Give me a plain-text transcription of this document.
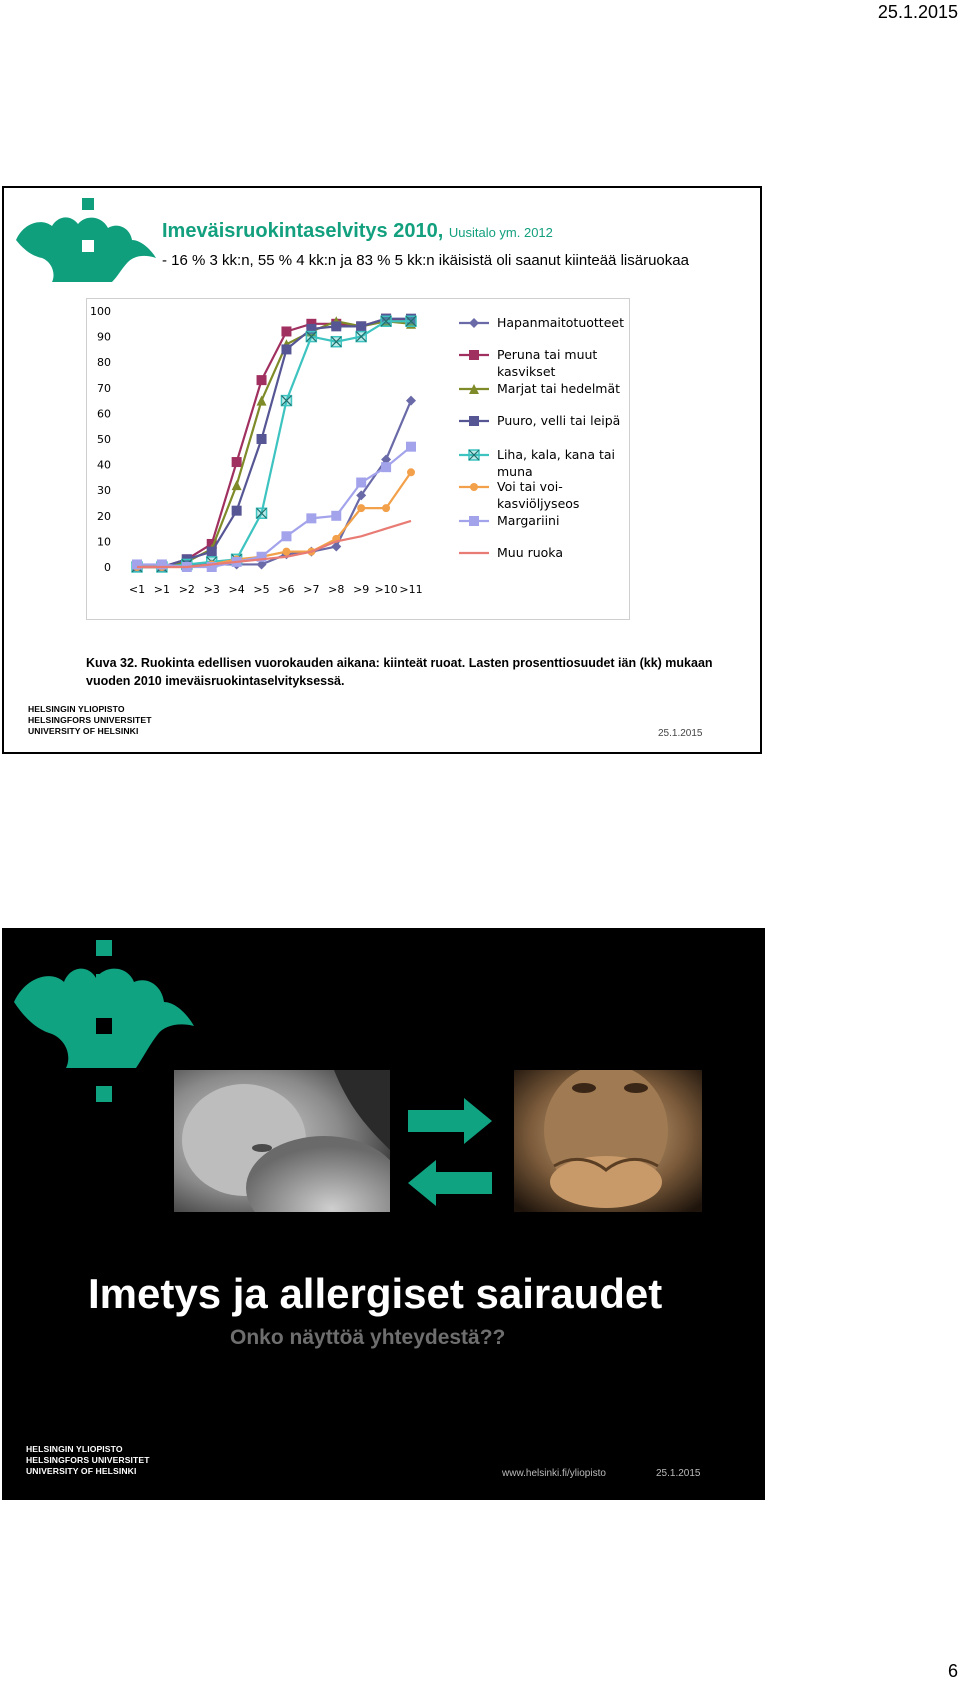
25.1.2015
Imeväisruokintaselvitys 2010, Uusitalo ym. 2012
- 16 % 3 kk:n, 55 % 4 kk:n ja 83 % 5 kk:n ikäisistä oli saanut kiinteää lisäruokaa
0
10
20
30
40
50
60
70
80
90
100
<1 >1 >2 >3 >4 >5 >6 >7 >8 >9 >10 >11
Hapanmaitotuotteet
Peruna tai muut
kasvikset
Marjat tai hedelmät
Puuro, velli tai leipä
Liha, kala, kana tai
muna
Voi tai voi-
kasviöljyseos
Margariini
Muu ruoka
Kuva 32. Ruokinta edellisen vuorokauden aikana: kiinteät ruoat. Lasten prosenttiosuudet iän (kk) mukaan
vuoden 2010 imeväisruokintaselvityksessä.
HELSINGIN YLIOPISTO
HELSINGFORS UNIVERSITET
UNIVERSITY OF HELSINKI	25.1.2015
Imetys ja allergiset sairaudet
Onko näyttöä yhteydestä??
HELSINGIN YLIOPISTO
HELSINGFORS UNIVERSITET
UNIVERSITY OF HELSINKI	www.helsinki.fi/yliopisto	25.1.2015
6
